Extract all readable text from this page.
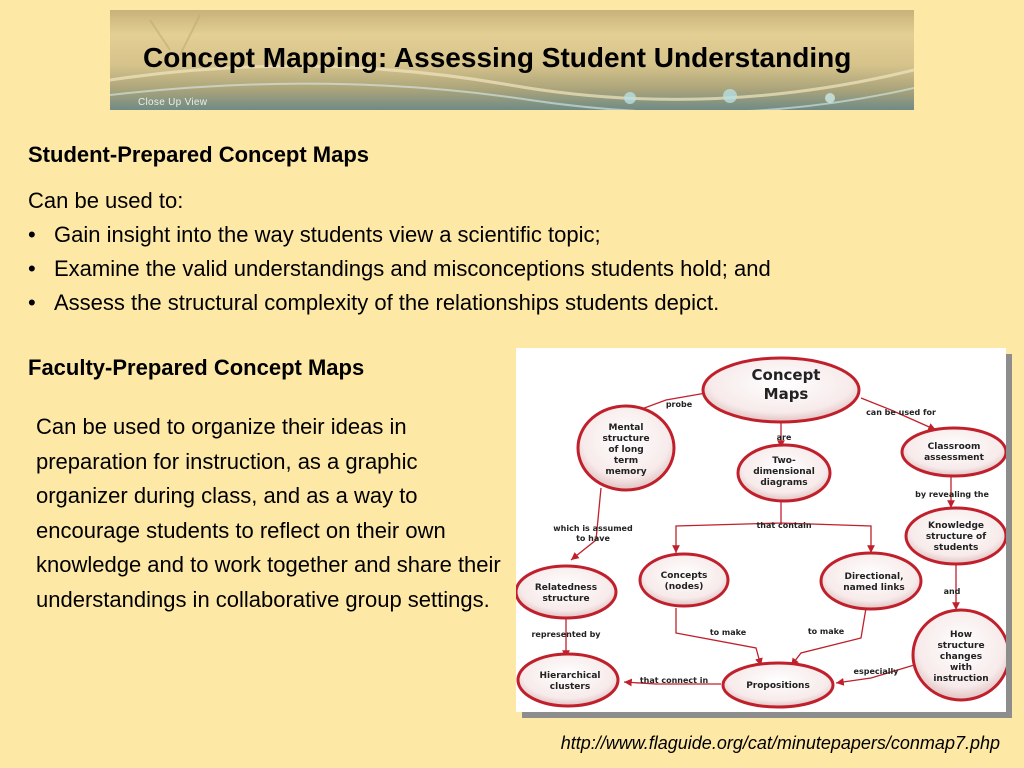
Close Up View
Concept Mapping: Assessing Student Understanding
Student-Prepared Concept Maps
Can be used to:
• Gain insight into the way students view a scientific topic;
• Examine the valid understandings and misconceptions students hold; and
• Assess the structural complexity of the relationships students depict.
Faculty-Prepared Concept Maps

Can be used to organize their ideas in preparation for instruction, as a graphic organizer during class, and as a way to encourage students to reflect on their own knowledge and to work together and share their understandings in collaborative group settings.

Concept
Maps
Mental
structure
of long
term
memory
Two-
dimensional
diagrams
Classroom
assessment
Knowledge
structure of
students
Relatedness
structure
Concepts
(nodes)
Directional,
named links
How
structure
changes
with
instruction
Hierarchical
clusters	Propositions
probe
are
can be used for
by revealing the
which is assumed
to have
that contain
and
represented by	to make	to make
especially
that connect in
http://www.flaguide.org/cat/minutepapers/conmap7.php
